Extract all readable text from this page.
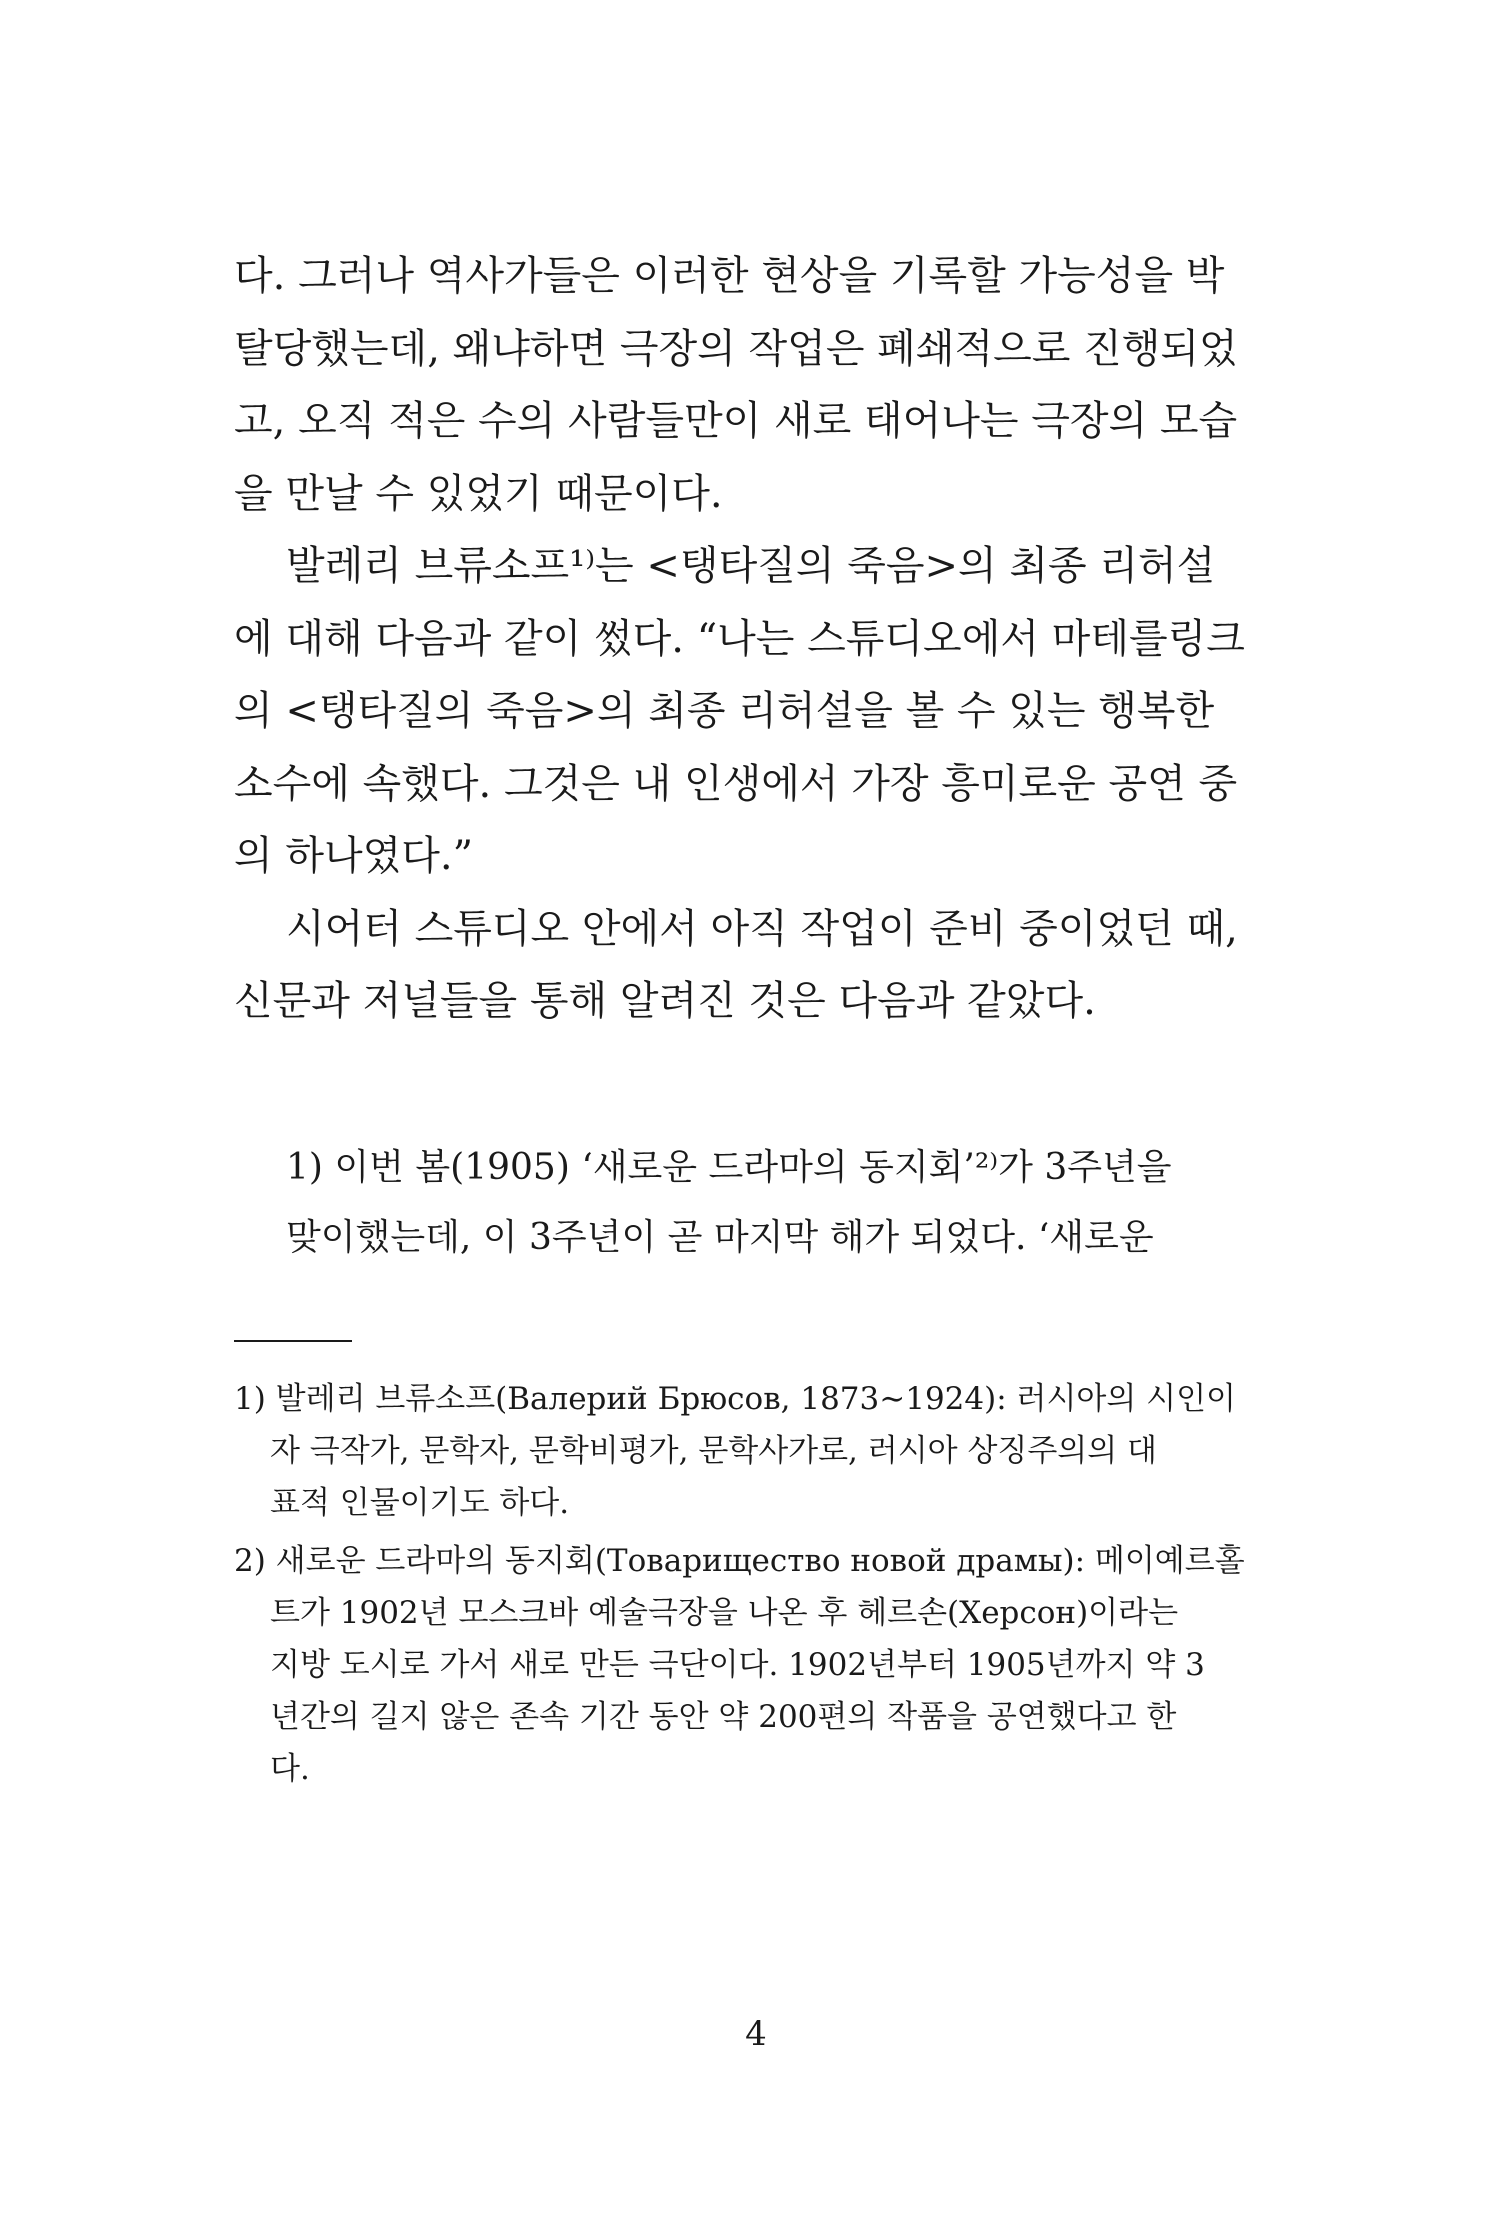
다. 그러나 역사가들은 이러한 현상을 기록할 가능성을 박
탈당했는데, 왜냐하면 극장의 작업은 폐쇄적으로 진행되었
고, 오직 적은 수의 사람들만이 새로 태어나는 극장의 모습
을 만날 수 있었기 때문이다.
발레리 브류소프¹⁾는 <탱타질의 죽음>의 최종 리허설
에 대해 다음과 같이 썼다. “나는 스튜디오에서 마테를링크
의 <탱타질의 죽음>의 최종 리허설을 볼 수 있는 행복한
소수에 속했다. 그것은 내 인생에서 가장 흥미로운 공연 중
의 하나였다.”
시어터 스튜디오 안에서 아직 작업이 준비 중이었던 때,
신문과 저널들을 통해 알려진 것은 다음과 같았다.
1) 이번 봄(1905) ‘새로운 드라마의 동지회’²⁾가 3주년을
맞이했는데, 이 3주년이 곧 마지막 해가 되었다. ‘새로운
1) 발레리 브류소프(Валерий Брюсов, 1873∼1924): 러시아의 시인이
자 극작가, 문학자, 문학비평가, 문학사가로, 러시아 상징주의의 대
표적 인물이기도 하다.
2) 새로운 드라마의 동지회(Товарищество новой драмы): 메이예르홀
트가 1902년 모스크바 예술극장을 나온 후 헤르손(Херсон)이라는
지방 도시로 가서 새로 만든 극단이다. 1902년부터 1905년까지 약 3
년간의 길지 않은 존속 기간 동안 약 200편의 작품을 공연했다고 한
다.
4
